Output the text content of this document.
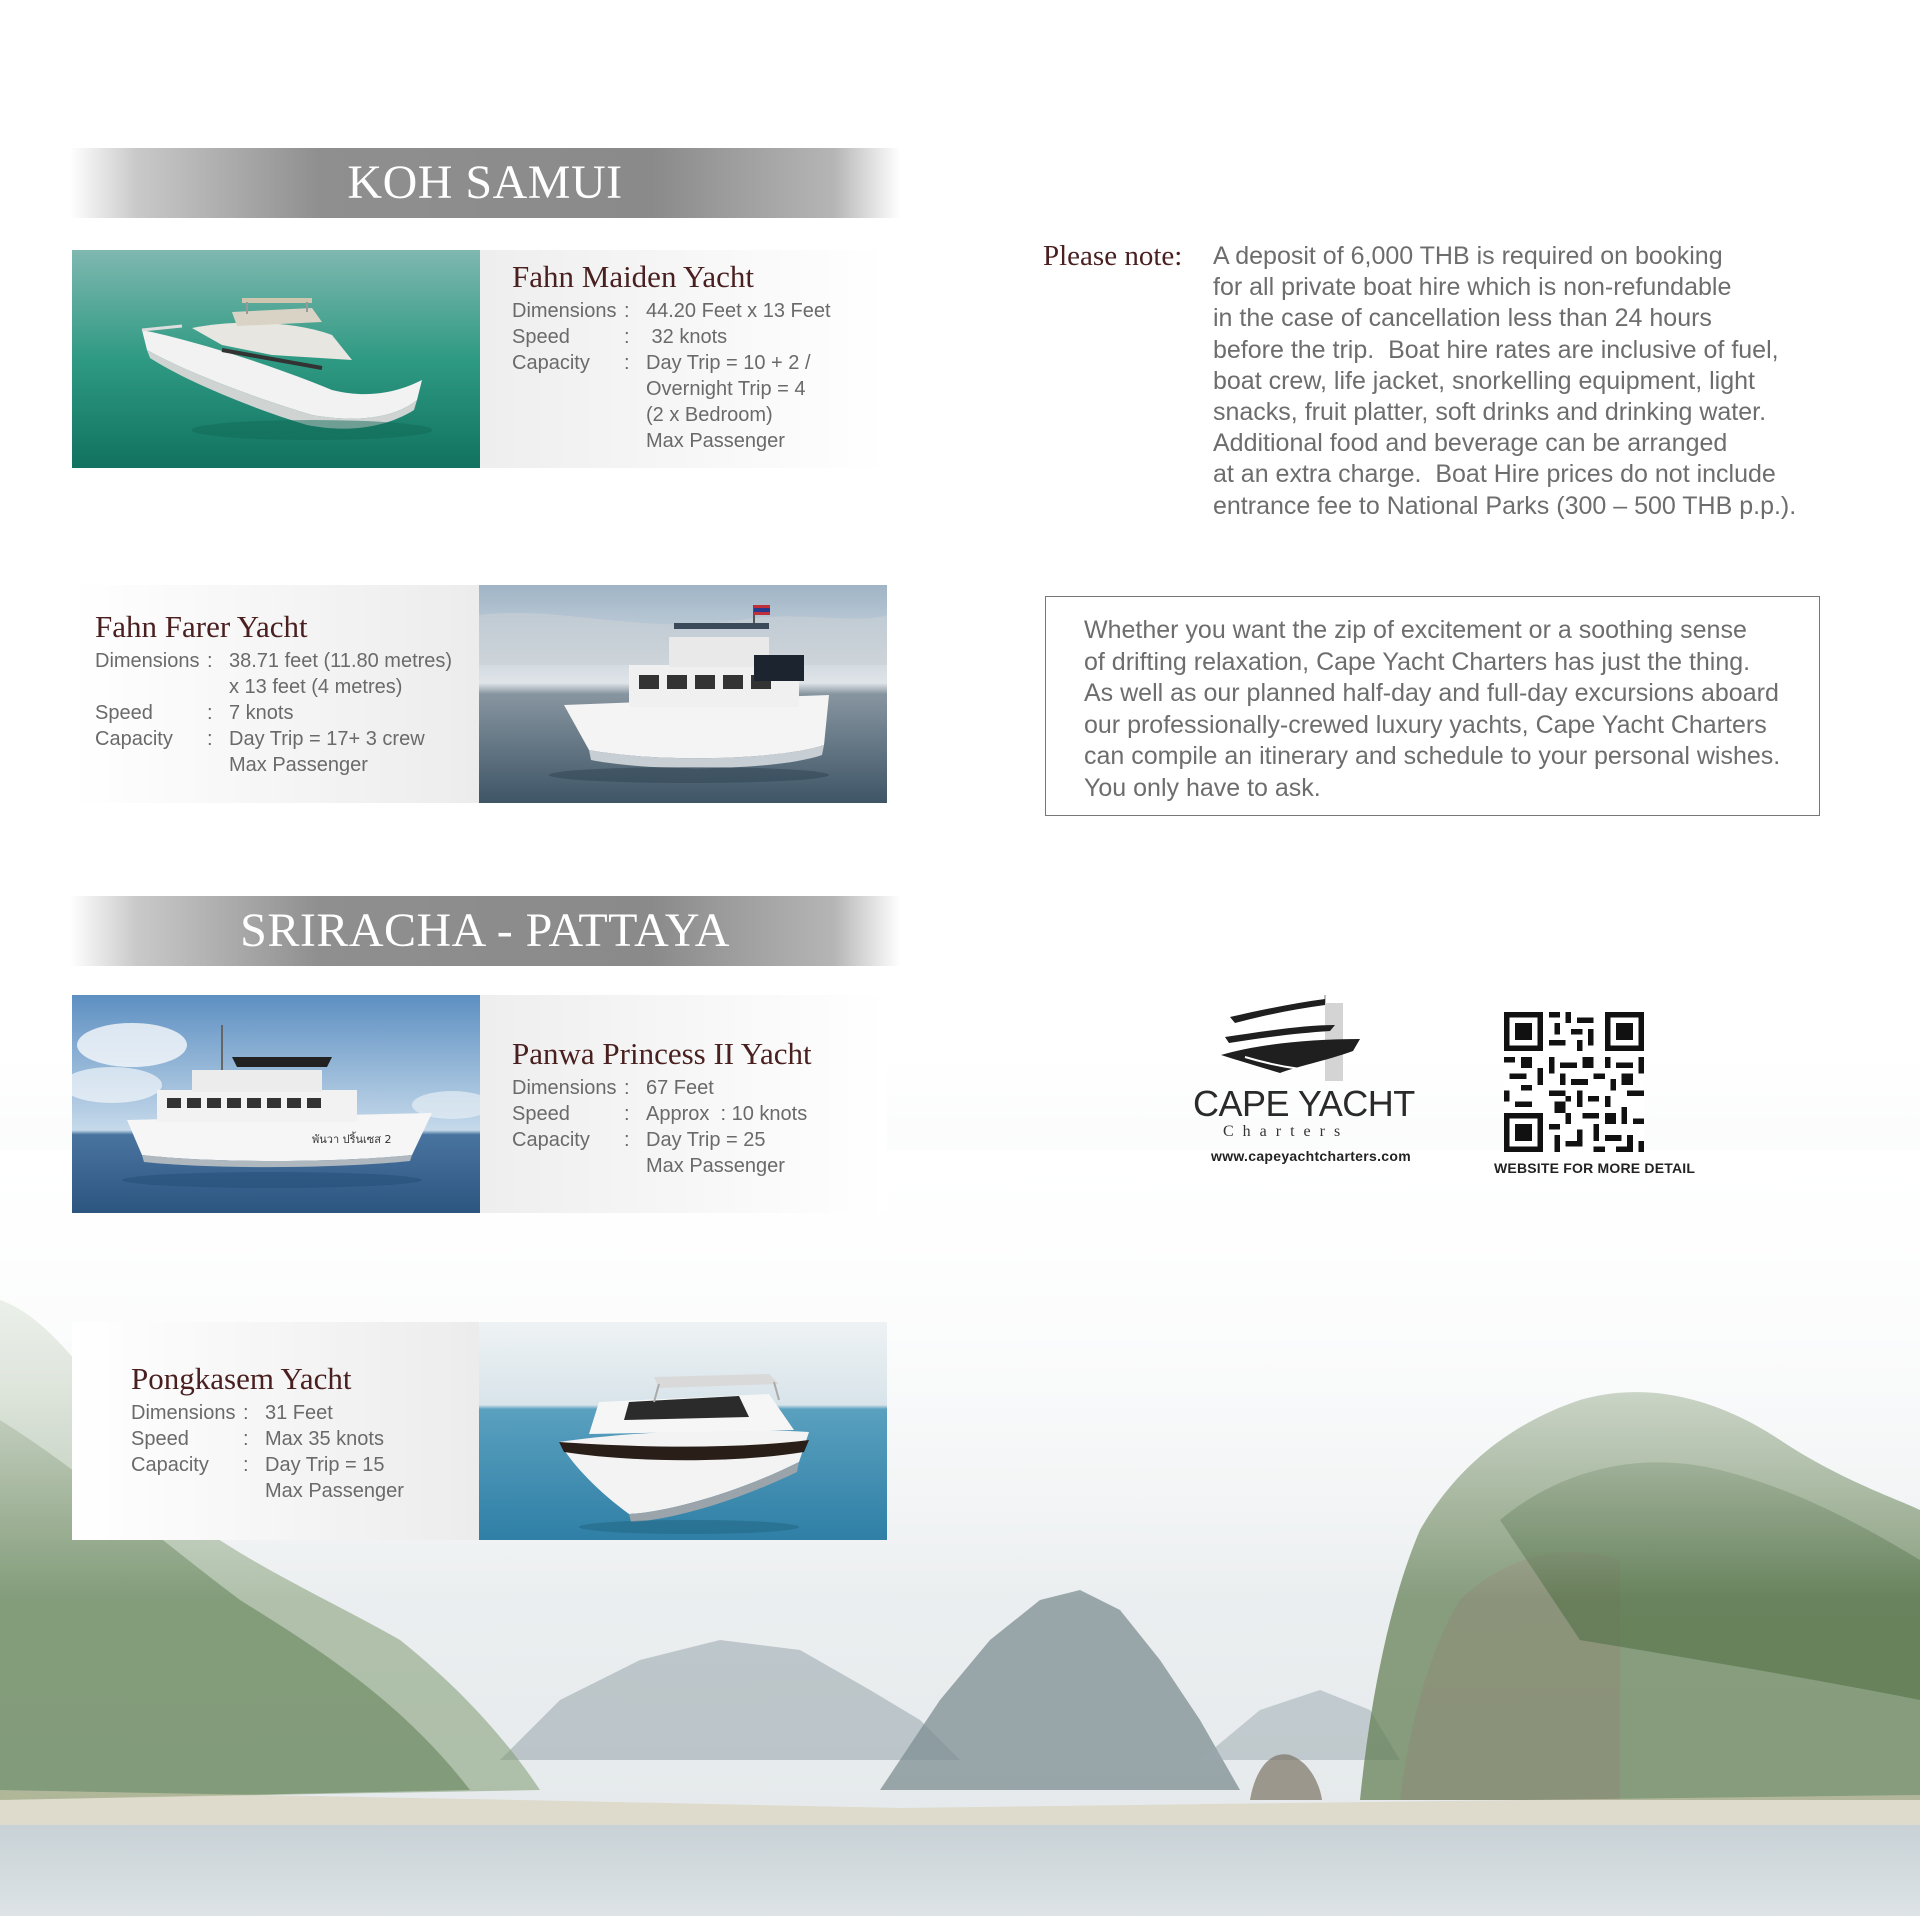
KOH SAMUI
Fahn Maiden Yacht
Dimensions : 44.20 Feet x 13 Feet
Speed	: 32 knots
Capacity	: Day Trip = 10 + 2 /
Overnight Trip = 4
(2 x Bedroom)
Max Passenger
Fahn Farer Yacht
Dimensions : 38.71 feet (11.80 metres)
x 13 feet (4 metres)
Speed	: 7 knots
Capacity	: Day Trip = 17+ 3 crew
Max Passenger
SRIRACHA - PATTAYA
พันวา ปริ้นเซส 2
Panwa Princess II Yacht
Dimensions : 67 Feet
Speed	: Approx  : 10 knots
Capacity	: Day Trip = 25
Max Passenger
Pongkasem Yacht
Dimensions : 31 Feet
Speed	: Max 35 knots
Capacity	: Day Trip = 15
Max Passenger
Please note: A deposit of 6,000 THB is required on booking
for all private boat hire which is non-refundable
in the case of cancellation less than 24 hours
before the trip.  Boat hire rates are inclusive of fuel,
boat crew, life jacket, snorkelling equipment, light
snacks, fruit platter, soft drinks and drinking water.
Additional food and beverage can be arranged
at an extra charge.  Boat Hire prices do not include
entrance fee to National Parks (300 – 500 THB p.p.).
Whether you want the zip of excitement or a soothing sense
of drifting relaxation, Cape Yacht Charters has just the thing.
As well as our planned half-day and full-day excursions aboard
our professionally-crewed luxury yachts, Cape Yacht Charters
can compile an itinerary and schedule to your personal wishes.
You only have to ask.
CAPE YACHT
Charters
www.capeyachtcharters.com
WEBSITE FOR MORE DETAIL
